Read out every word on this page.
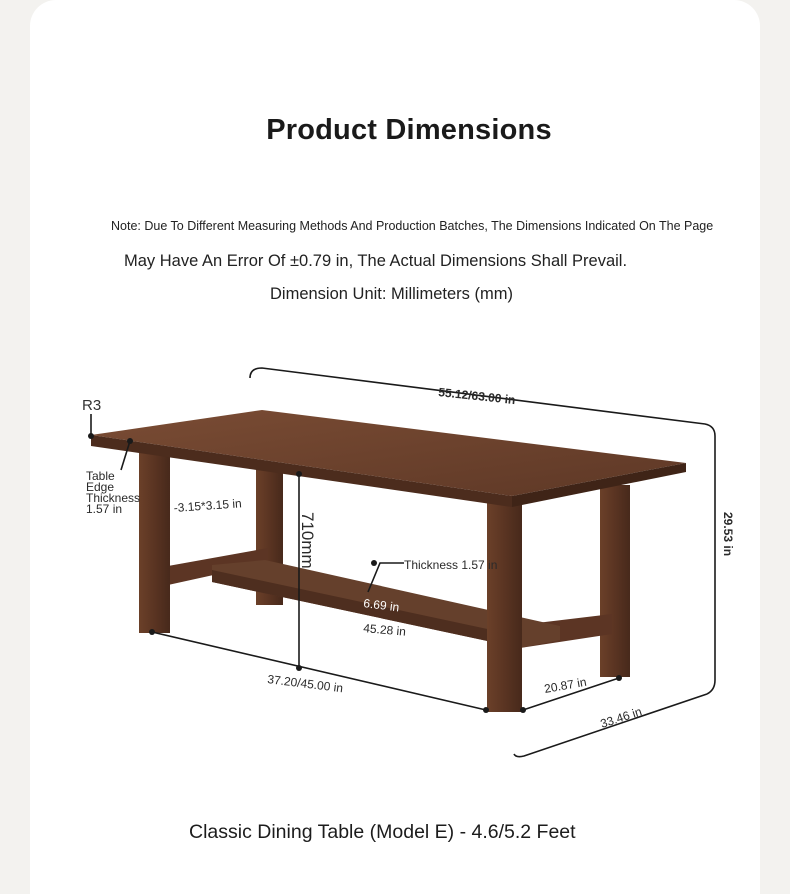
Product Dimensions
Note: Due To Different Measuring Methods And Production Batches, The Dimensions Indicated On The Page
May Have An Error Of ±0.79 in, The Actual Dimensions Shall Prevail.
Dimension Unit: Millimeters (mm)
R3
Table
Edge
Thickness
1.57 in	-3.15*3.15 in
710mm
55.12/63.00 in
29.53 in
33.46 in
37.20/45.00 in
Thickness 1.57 in
6.69 in
45.28 in
20.87 in
Classic Dining Table (Model E) - 4.6/5.2 Feet
